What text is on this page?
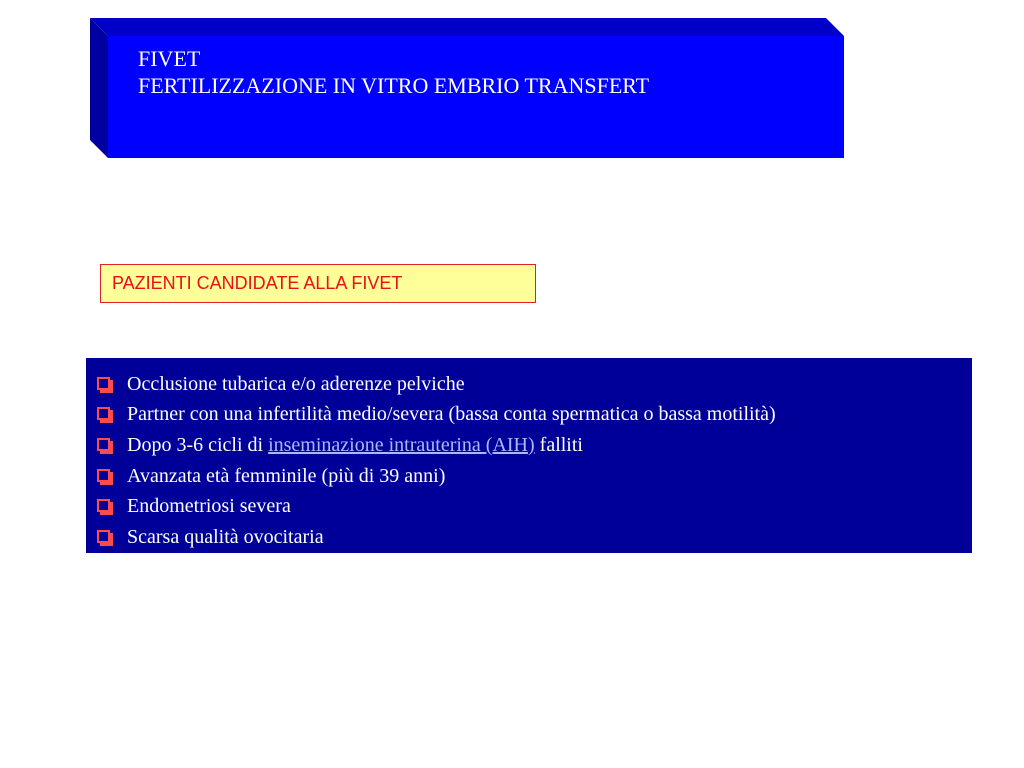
FIVET
FERTILIZZAZIONE IN VITRO EMBRIO TRANSFERT
PAZIENTI CANDIDATE ALLA FIVET
Occlusione tubarica e/o aderenze pelviche
Partner con una infertilità medio/severa (bassa conta spermatica o bassa motilità)
Dopo 3-6 cicli di
inseminazione intrauterina (AIH)
falliti
Avanzata età femminile (più di 39 anni)
Endometriosi severa
Scarsa qualità ovocitaria
